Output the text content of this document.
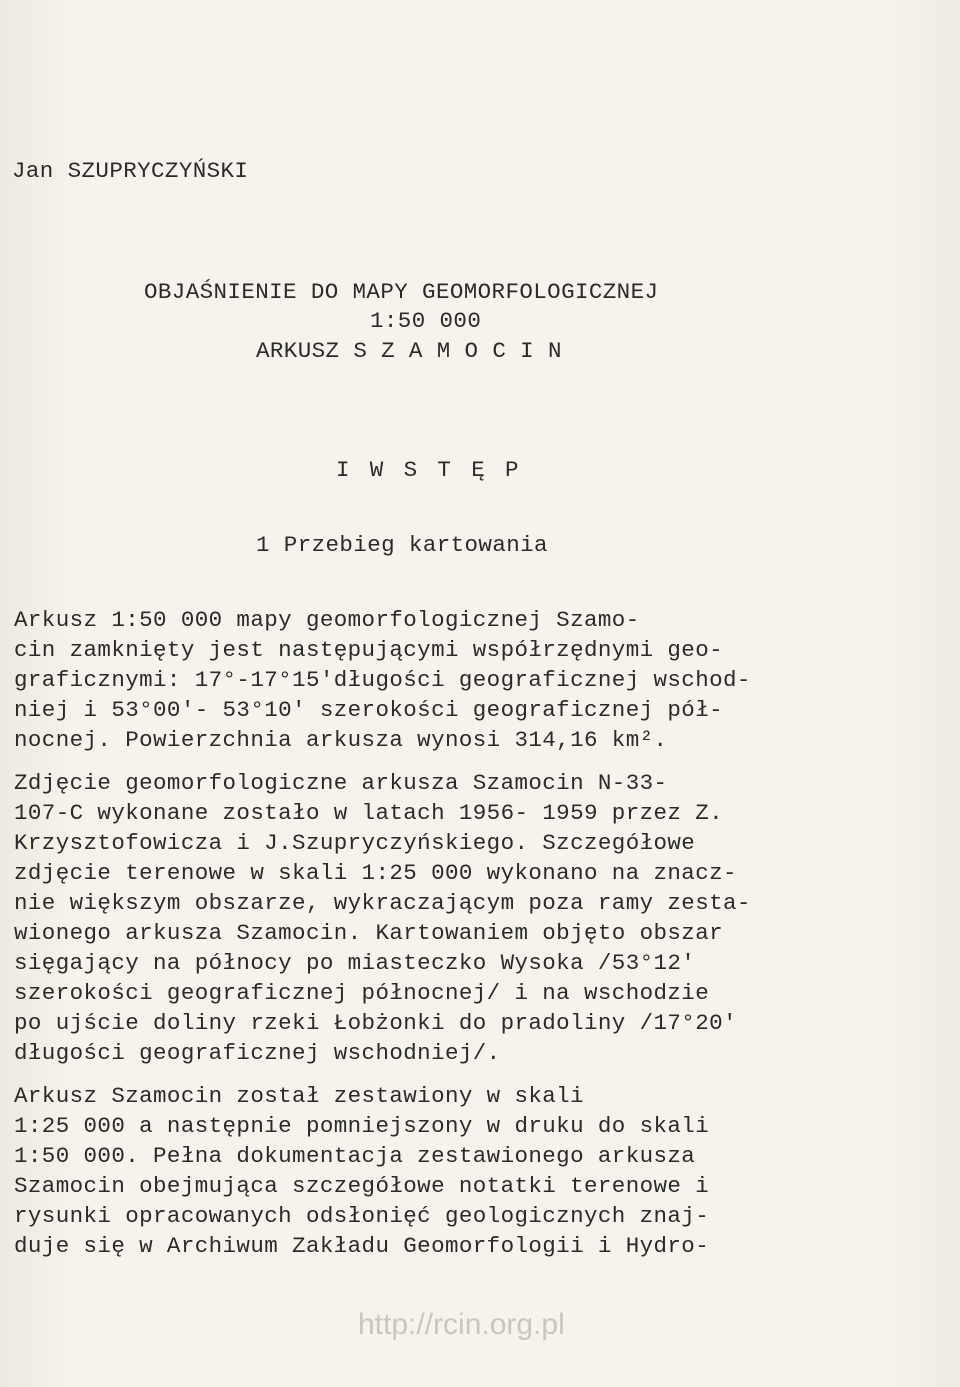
Jan SZUPRYCZYŃSKI
OBJAŚNIENIE DO MAPY GEOMORFOLOGICZNEJ
1:50 000
ARKUSZ S Z A M O C I N
I W S T Ę P
1 Przebieg kartowania
Arkusz 1:50 000 mapy geomorfologicznej Szamo-
cin zamknięty jest następującymi współrzędnymi geo-
graficznymi: 17°-17°15'długości geograficznej wschod-
niej i 53°00'- 53°10' szerokości geograficznej pół-
nocnej. Powierzchnia arkusza wynosi 314,16 km².
Zdjęcie geomorfologiczne arkusza Szamocin N-33-
107-C wykonane zostało w latach 1956- 1959 przez Z.
Krzysztofowicza i J.Szupryczyńskiego. Szczegółowe
zdjęcie terenowe w skali 1:25 000 wykonano na znacz-
nie większym obszarze, wykraczającym poza ramy zesta-
wionego arkusza Szamocin. Kartowaniem objęto obszar
sięgający na północy po miasteczko Wysoka /53°12'
szerokości geograficznej północnej/ i na wschodzie
po ujście doliny rzeki Łobżonki do pradoliny /17°20'
długości geograficznej wschodniej/.
Arkusz Szamocin został zestawiony w skali
1:25 000 a następnie pomniejszony w druku do skali
1:50 000. Pełna dokumentacja zestawionego arkusza
Szamocin obejmująca szczegółowe notatki terenowe i
rysunki opracowanych odsłonięć geologicznych znaj-
duje się w Archiwum Zakładu Geomorfologii i Hydro-
http://rcin.org.pl
